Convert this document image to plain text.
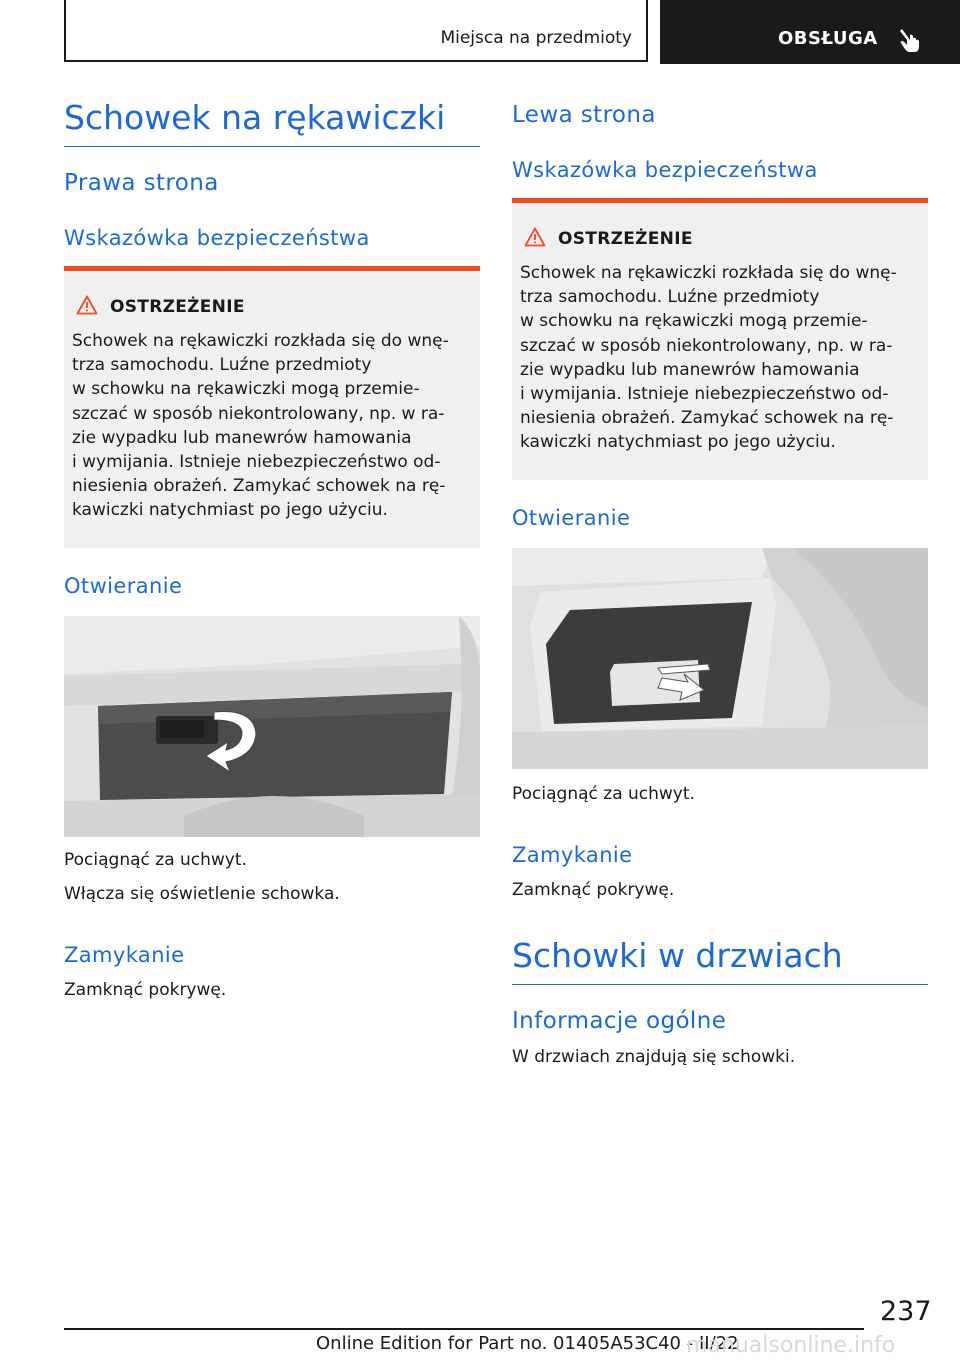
Miejsca na przedmioty	OBSŁUGA
Schowek na rękawiczki
Prawa strona
Wskazówka bezpieczeństwa
OSTRZEŻENIE
Schowek na rękawiczki rozkłada się do wnę-
trza samochodu. Luźne przedmioty
w schowku na rękawiczki mogą przemie-
szczać w sposób niekontrolowany, np. w ra-
zie wypadku lub manewrów hamowania
i wymijania. Istnieje niebezpieczeństwo od-
niesienia obrażeń. Zamykać schowek na rę-
kawiczki natychmiast po jego użyciu.
Otwieranie
Pociągnąć za uchwyt.
Włącza się oświetlenie schowka.
Zamykanie
Zamknąć pokrywę.
Lewa strona
Wskazówka bezpieczeństwa
OSTRZEŻENIE
Schowek na rękawiczki rozkłada się do wnę-
trza samochodu. Luźne przedmioty
w schowku na rękawiczki mogą przemie-
szczać w sposób niekontrolowany, np. w ra-
zie wypadku lub manewrów hamowania
i wymijania. Istnieje niebezpieczeństwo od-
niesienia obrażeń. Zamykać schowek na rę-
kawiczki natychmiast po jego użyciu.
Otwieranie
Pociągnąć za uchwyt.
Zamykanie
Zamknąć pokrywę.
Schowki w drzwiach
Informacje ogólne
W drzwiach znajdują się schowki.
237
Online Edition for Part no. 01405A53C40 - II/22
manualsonline.info
